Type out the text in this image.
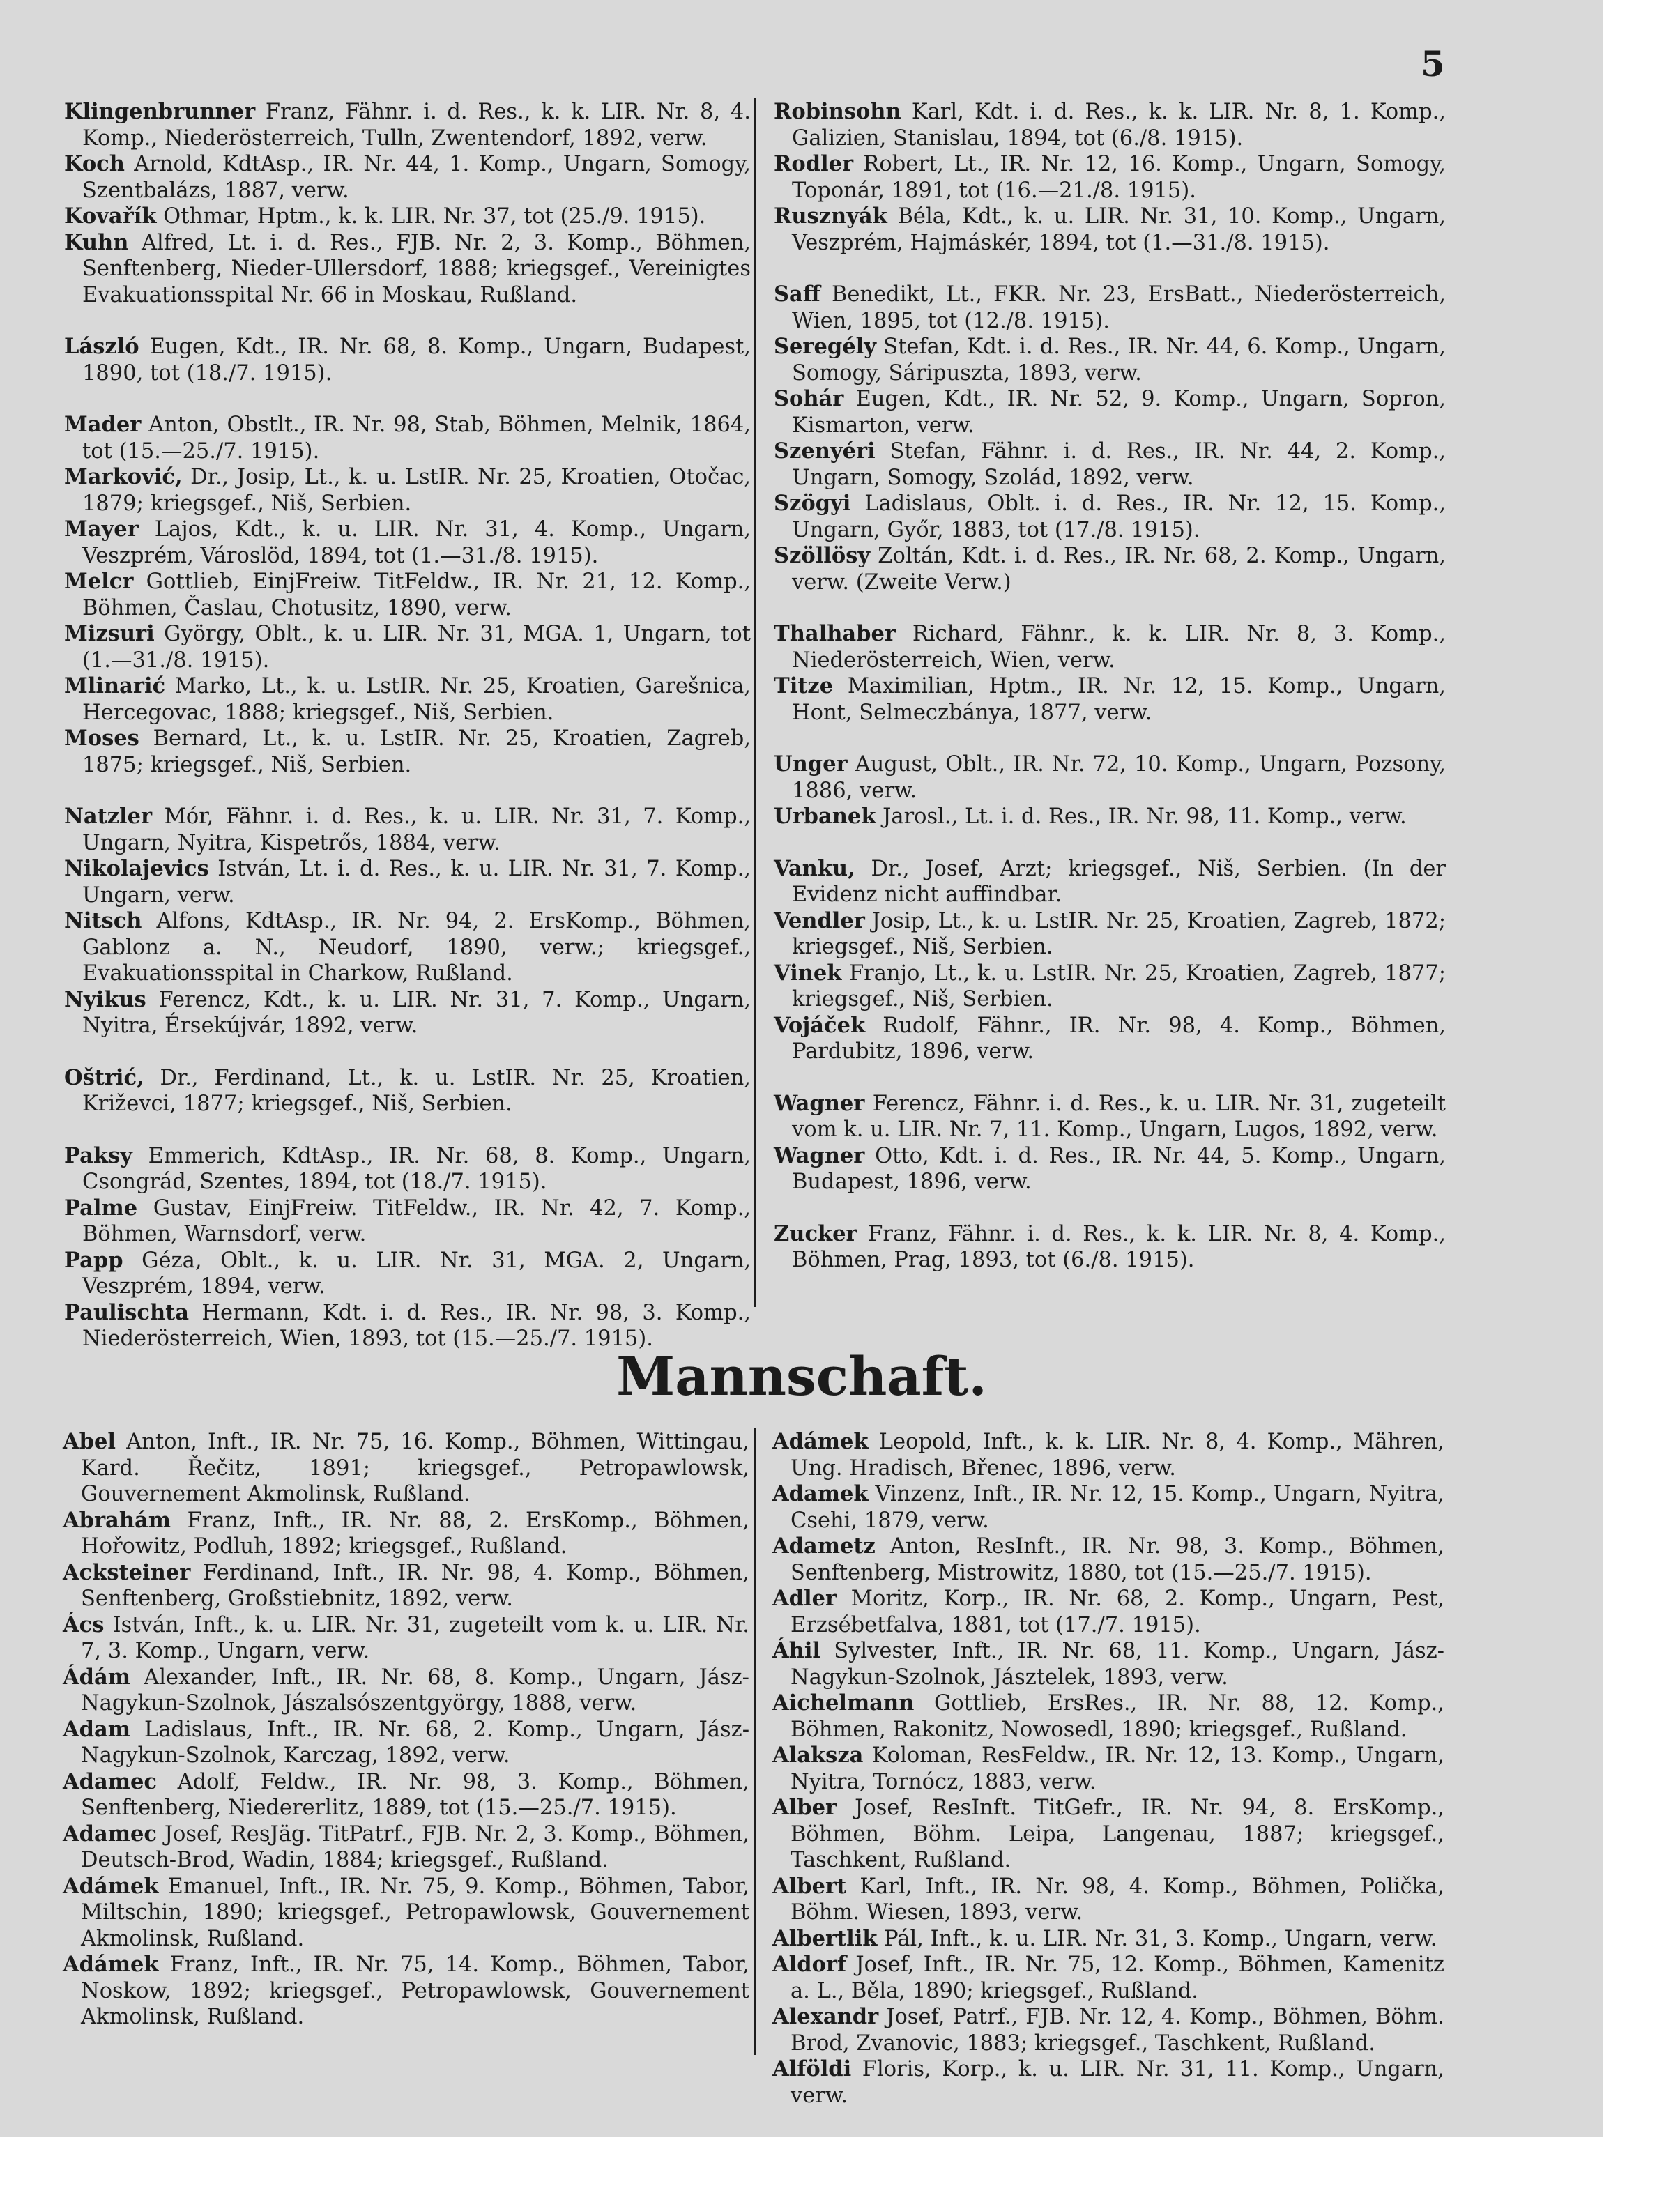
5

Klingenbrunner Franz, Fähnr. i. d. Res., k. k. LIR. Nr. 8, 4. Komp., Niederösterreich, Tulln, Zwentendorf, 1892, verw.

Koch Arnold, KdtAsp., IR. Nr. 44, 1. Komp., Ungarn, Somogy, Szentbalázs, 1887, verw.

Kovařík Othmar, Hptm., k. k. LIR. Nr. 37, tot (25./9. 1915).

Kuhn Alfred, Lt. i. d. Res., FJB. Nr. 2, 3. Komp., Böhmen, Senftenberg, Nieder-Ullersdorf, 1888; kriegsgef., Vereinigtes Evakuationsspital Nr. 66 in Moskau, Rußland.

László Eugen, Kdt., IR. Nr. 68, 8. Komp., Ungarn, Budapest, 1890, tot (18./7. 1915).

Mader Anton, Obstlt., IR. Nr. 98, Stab, Böhmen, Melnik, 1864, tot (15.—25./7. 1915).

Marković, Dr., Josip, Lt., k. u. LstIR. Nr. 25, Kroatien, Otočac, 1879; kriegsgef., Niš, Serbien.

Mayer Lajos, Kdt., k. u. LIR. Nr. 31, 4. Komp., Ungarn, Veszprém, Városlöd, 1894, tot (1.—31./8. 1915).

Melcr Gottlieb, EinjFreiw. TitFeldw., IR. Nr. 21, 12. Komp., Böhmen, Časlau, Chotusitz, 1890, verw.

Mizsuri György, Oblt., k. u. LIR. Nr. 31, MGA. 1, Ungarn, tot (1.—31./8. 1915).

Mlinarić Marko, Lt., k. u. LstIR. Nr. 25, Kroatien, Garešnica, Hercegovac, 1888; kriegsgef., Niš, Serbien.

Moses Bernard, Lt., k. u. LstIR. Nr. 25, Kroatien, Zagreb, 1875; kriegsgef., Niš, Serbien.

Natzler Mór, Fähnr. i. d. Res., k. u. LIR. Nr. 31, 7. Komp., Ungarn, Nyitra, Kispetrős, 1884, verw.

Nikolajevics István, Lt. i. d. Res., k. u. LIR. Nr. 31, 7. Komp., Ungarn, verw.

Nitsch Alfons, KdtAsp., IR. Nr. 94, 2. ErsKomp., Böhmen, Gablonz a. N., Neudorf, 1890, verw.; kriegsgef., Evakuationsspital in Charkow, Rußland.

Nyikus Ferencz, Kdt., k. u. LIR. Nr. 31, 7. Komp., Ungarn, Nyitra, Érsekújvár, 1892, verw.

Oštrić, Dr., Ferdinand, Lt., k. u. LstIR. Nr. 25, Kroatien, Križevci, 1877; kriegsgef., Niš, Serbien.

Paksy Emmerich, KdtAsp., IR. Nr. 68, 8. Komp., Ungarn, Csongrád, Szentes, 1894, tot (18./7. 1915).

Palme Gustav, EinjFreiw. TitFeldw., IR. Nr. 42, 7. Komp., Böhmen, Warnsdorf, verw.

Papp Géza, Oblt., k. u. LIR. Nr. 31, MGA. 2, Ungarn, Veszprém, 1894, verw.

Paulischta Hermann, Kdt. i. d. Res., IR. Nr. 98, 3. Komp., Niederösterreich, Wien, 1893, tot (15.—25./7. 1915).

Robinsohn Karl, Kdt. i. d. Res., k. k. LIR. Nr. 8, 1. Komp., Galizien, Stanislau, 1894, tot (6./8. 1915).

Rodler Robert, Lt., IR. Nr. 12, 16. Komp., Ungarn, Somogy, Toponár, 1891, tot (16.—21./8. 1915).

Rusznyák Béla, Kdt., k. u. LIR. Nr. 31, 10. Komp., Ungarn, Veszprém, Hajmáskér, 1894, tot (1.—31./8. 1915).

Saff Benedikt, Lt., FKR. Nr. 23, ErsBatt., Niederösterreich, Wien, 1895, tot (12./8. 1915).

Seregély Stefan, Kdt. i. d. Res., IR. Nr. 44, 6. Komp., Ungarn, Somogy, Sáripuszta, 1893, verw.

Sohár Eugen, Kdt., IR. Nr. 52, 9. Komp., Ungarn, Sopron, Kismarton, verw.

Szenyéri Stefan, Fähnr. i. d. Res., IR. Nr. 44, 2. Komp., Ungarn, Somogy, Szolád, 1892, verw.

Szögyi Ladislaus, Oblt. i. d. Res., IR. Nr. 12, 15. Komp., Ungarn, Győr, 1883, tot (17./8. 1915).

Szöllösy Zoltán, Kdt. i. d. Res., IR. Nr. 68, 2. Komp., Ungarn, verw. (Zweite Verw.)

Thalhaber Richard, Fähnr., k. k. LIR. Nr. 8, 3. Komp., Niederösterreich, Wien, verw.

Titze Maximilian, Hptm., IR. Nr. 12, 15. Komp., Ungarn, Hont, Selmeczbánya, 1877, verw.

Unger August, Oblt., IR. Nr. 72, 10. Komp., Ungarn, Pozsony, 1886, verw.

Urbanek Jarosl., Lt. i. d. Res., IR. Nr. 98, 11. Komp., verw.

Vanku, Dr., Josef, Arzt; kriegsgef., Niš, Serbien. (In der Evidenz nicht auffindbar.

Vendler Josip, Lt., k. u. LstIR. Nr. 25, Kroatien, Zagreb, 1872; kriegsgef., Niš, Serbien.

Vinek Franjo, Lt., k. u. LstIR. Nr. 25, Kroatien, Zagreb, 1877; kriegsgef., Niš, Serbien.

Vojáček Rudolf, Fähnr., IR. Nr. 98, 4. Komp., Böhmen, Pardubitz, 1896, verw.

Wagner Ferencz, Fähnr. i. d. Res., k. u. LIR. Nr. 31, zugeteilt vom k. u. LIR. Nr. 7, 11. Komp., Ungarn, Lugos, 1892, verw.

Wagner Otto, Kdt. i. d. Res., IR. Nr. 44, 5. Komp., Ungarn, Budapest, 1896, verw.

Zucker Franz, Fähnr. i. d. Res., k. k. LIR. Nr. 8, 4. Komp., Böhmen, Prag, 1893, tot (6./8. 1915).

Mannschaft.

Abel Anton, Inft., IR. Nr. 75, 16. Komp., Böhmen, Wittingau, Kard. Řečitz, 1891; kriegsgef., Petropawlowsk, Gouvernement Akmolinsk, Rußland.

Abrahám Franz, Inft., IR. Nr. 88, 2. ErsKomp., Böhmen, Hořowitz, Podluh, 1892; kriegsgef., Rußland.

Acksteiner Ferdinand, Inft., IR. Nr. 98, 4. Komp., Böhmen, Senftenberg, Großstiebnitz, 1892, verw.

Ács István, Inft., k. u. LIR. Nr. 31, zugeteilt vom k. u. LIR. Nr. 7, 3. Komp., Ungarn, verw.

Ádám Alexander, Inft., IR. Nr. 68, 8. Komp., Ungarn, Jász-Nagykun-Szolnok, Jászalsószentgyörgy, 1888, verw.

Adam Ladislaus, Inft., IR. Nr. 68, 2. Komp., Ungarn, Jász-Nagykun-Szolnok, Karczag, 1892, verw.

Adamec Adolf, Feldw., IR. Nr. 98, 3. Komp., Böhmen, Senftenberg, Niedererlitz, 1889, tot (15.—25./7. 1915).

Adamec Josef, ResJäg. TitPatrf., FJB. Nr. 2, 3. Komp., Böhmen, Deutsch-Brod, Wadin, 1884; kriegsgef., Rußland.

Adámek Emanuel, Inft., IR. Nr. 75, 9. Komp., Böhmen, Tabor, Miltschin, 1890; kriegsgef., Petropawlowsk, Gouvernement Akmolinsk, Rußland.

Adámek Franz, Inft., IR. Nr. 75, 14. Komp., Böhmen, Tabor, Noskow, 1892; kriegsgef., Petropawlowsk, Gouvernement Akmolinsk, Rußland.

Adámek Leopold, Inft., k. k. LIR. Nr. 8, 4. Komp., Mähren, Ung. Hradisch, Břenec, 1896, verw.

Adamek Vinzenz, Inft., IR. Nr. 12, 15. Komp., Ungarn, Nyitra, Csehi, 1879, verw.

Adametz Anton, ResInft., IR. Nr. 98, 3. Komp., Böhmen, Senftenberg, Mistrowitz, 1880, tot (15.—25./7. 1915).

Adler Moritz, Korp., IR. Nr. 68, 2. Komp., Ungarn, Pest, Erzsébetfalva, 1881, tot (17./7. 1915).

Áhil Sylvester, Inft., IR. Nr. 68, 11. Komp., Ungarn, Jász-Nagykun-Szolnok, Jásztelek, 1893, verw.

Aichelmann Gottlieb, ErsRes., IR. Nr. 88, 12. Komp., Böhmen, Rakonitz, Nowosedl, 1890; kriegsgef., Rußland.

Alaksza Koloman, ResFeldw., IR. Nr. 12, 13. Komp., Ungarn, Nyitra, Tornócz, 1883, verw.

Alber Josef, ResInft. TitGefr., IR. Nr. 94, 8. ErsKomp., Böhmen, Böhm. Leipa, Langenau, 1887; kriegsgef., Taschkent, Rußland.

Albert Karl, Inft., IR. Nr. 98, 4. Komp., Böhmen, Polička, Böhm. Wiesen, 1893, verw.

Albertlik Pál, Inft., k. u. LIR. Nr. 31, 3. Komp., Ungarn, verw.

Aldorf Josef, Inft., IR. Nr. 75, 12. Komp., Böhmen, Kamenitz a. L., Běla, 1890; kriegsgef., Rußland.

Alexandr Josef, Patrf., FJB. Nr. 12, 4. Komp., Böhmen, Böhm. Brod, Zvanovic, 1883; kriegsgef., Taschkent, Rußland.

Alföldi Floris, Korp., k. u. LIR. Nr. 31, 11. Komp., Ungarn, verw.
